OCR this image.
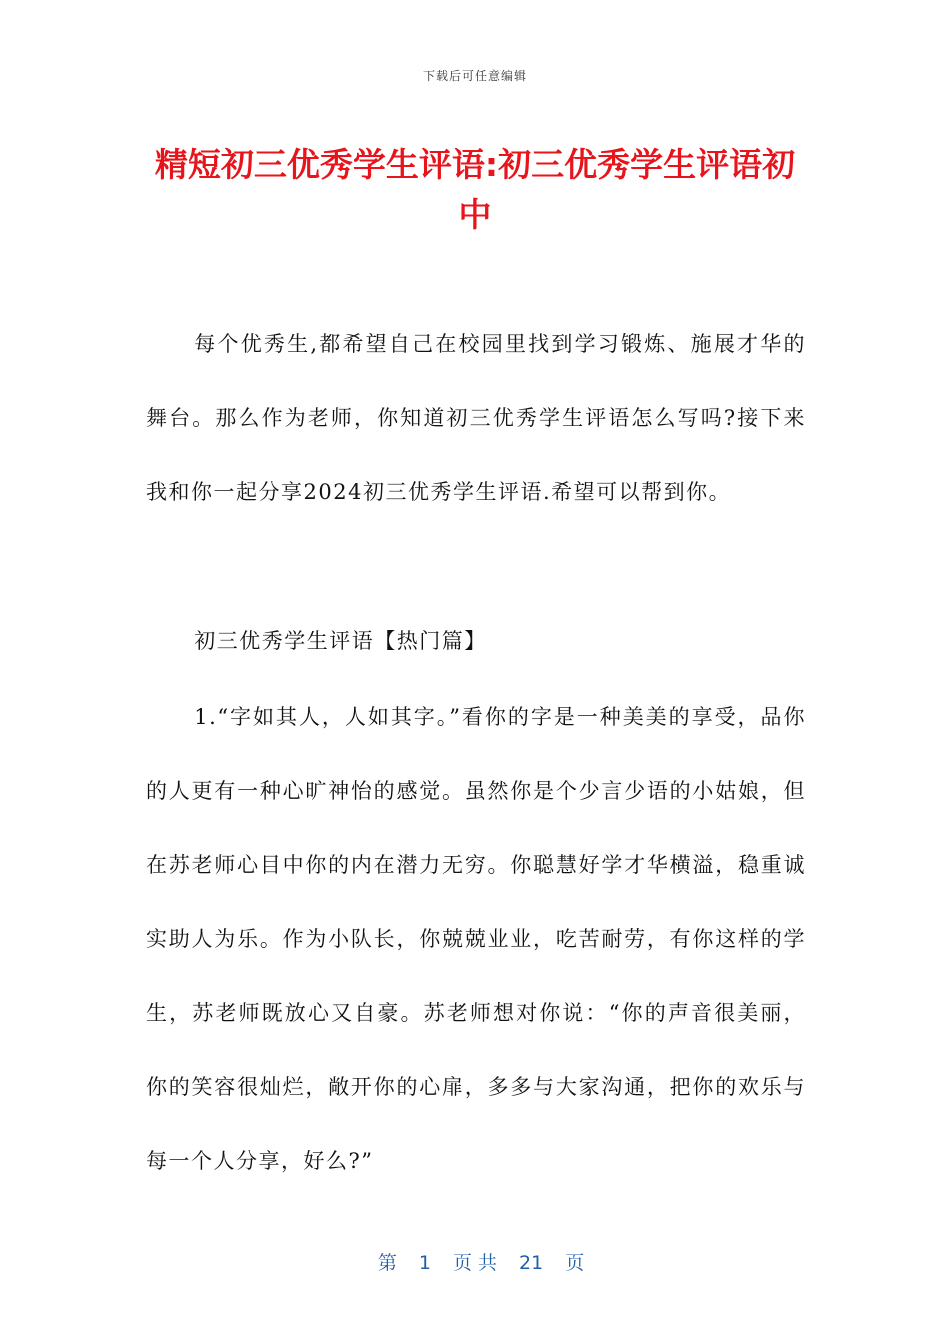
下载后可任意编辑
精短初三优秀学生评语:初三优秀学生评语初中

每个优秀生,都希望自己在校园里找到学习锻炼、施展才华的舞台。那么作为老师，你知道初三优秀学生评语怎么写吗?接下来我和你一起分享2024初三优秀学生评语.希望可以帮到你。

初三优秀学生评语【热门篇】

1.“字如其人，人如其字。”看你的字是一种美美的享受，品你的人更有一种心旷神怡的感觉。虽然你是个少言少语的小姑娘，但在苏老师心目中你的内在潜力无穷。你聪慧好学才华横溢，稳重诚实助人为乐。作为小队长，你兢兢业业，吃苦耐劳，有你这样的学生，苏老师既放心又自豪。苏老师想对你说：“你的声音很美丽，你的笑容很灿烂，敞开你的心扉，多多与大家沟通，把你的欢乐与每一个人分享，好么?”

第 1 页 共 21 页
